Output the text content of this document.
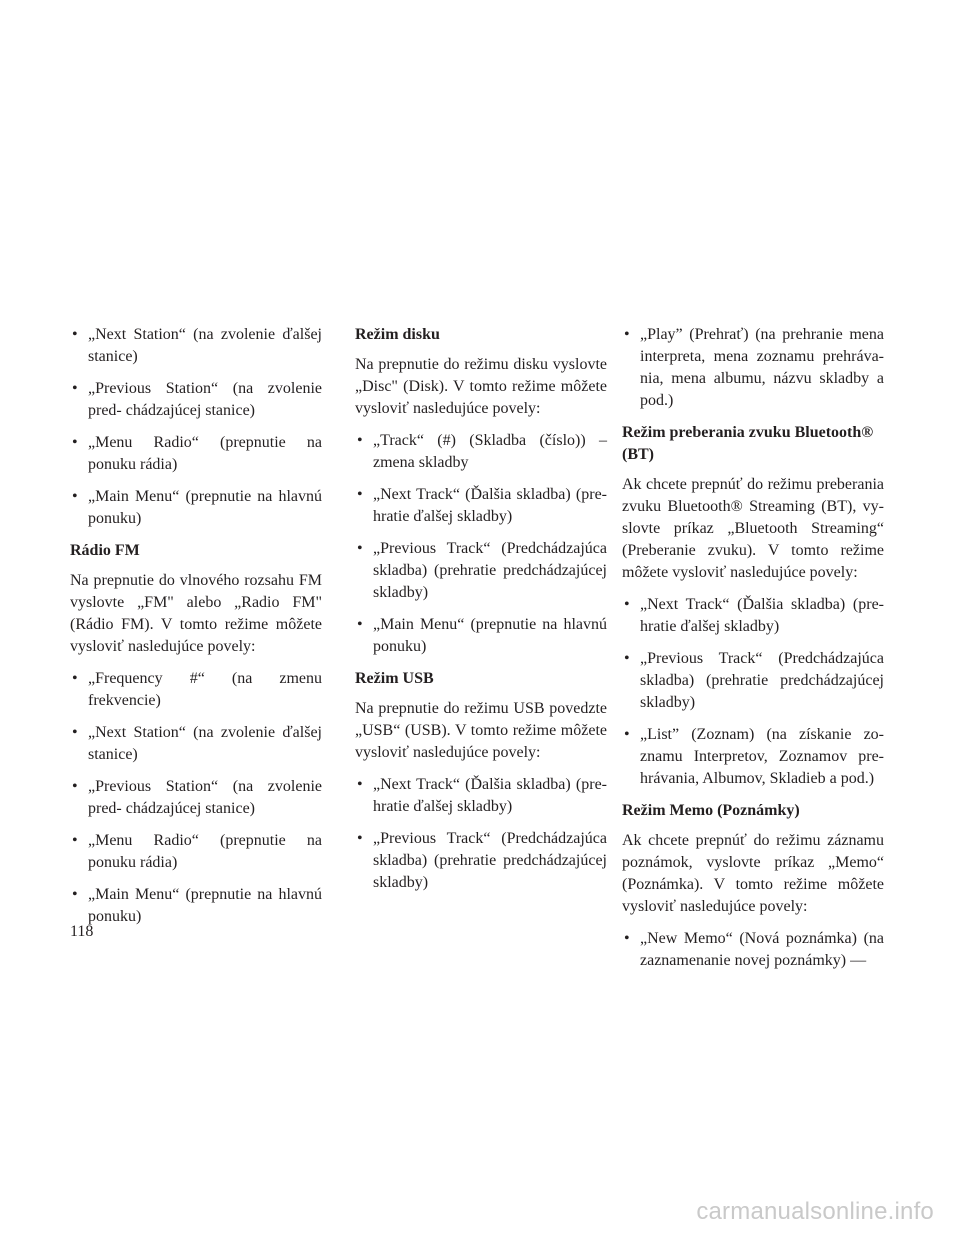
• „Next Station“ (na zvolenie ďalšej stanice)
• „Previous Station“ (na zvolenie pred- chádzajúcej stanice)
• „Menu Radio“ (prepnutie na ponuku rádia)
• „Main Menu“ (prepnutie na hlavnú ponuku)
Rádio FM
Na prepnutie do vlnového rozsahu FM vyslovte „FM" alebo „Radio FM" (Rádio FM). V tomto režime môžete vysloviť nasledujúce povely:
• „Frequency #“ (na zmenu frekvencie)
• „Next Station“ (na zvolenie ďalšej stanice)
• „Previous Station“ (na zvolenie pred- chádzajúcej stanice)
• „Menu Radio“ (prepnutie na ponuku rádia)
• „Main Menu“ (prepnutie na hlavnú ponuku)
Režim disku
Na prepnutie do režimu disku vyslovte „Disc" (Disk). V tomto režime môžete vysloviť nasledujúce povely:
• „Track“ (#) (Skladba (číslo)) – zmena skladby
• „Next Track“ (Ďalšia skladba) (pre- hratie ďalšej skladby)
• „Previous Track“ (Predchádzajúca skladba) (prehratie predchádzajúcej skladby)
• „Main Menu“ (prepnutie na hlavnú ponuku)
Režim USB
Na prepnutie do režimu USB povedzte „USB“ (USB). V tomto režime môžete vysloviť nasledujúce povely:
• „Next Track“ (Ďalšia skladba) (pre- hratie ďalšej skladby)
• „Previous Track“ (Predchádzajúca skladba) (prehratie predchádzajúcej skladby)
• „Play” (Prehrať) (na prehranie mena interpreta, mena zoznamu prehráva- nia, mena albumu, názvu skladby a pod.)
Režim preberania zvuku Bluetooth® (BT)
Ak chcete prepnúť do režimu preberania zvuku Bluetooth® Streaming (BT), vy- slovte príkaz „Bluetooth Streaming“ (Preberanie zvuku). V tomto režime môžete vysloviť nasledujúce povely:
• „Next Track“ (Ďalšia skladba) (pre- hratie ďalšej skladby)
• „Previous Track“ (Predchádzajúca skladba) (prehratie predchádzajúcej skladby)
• „List” (Zoznam) (na získanie zo- znamu Interpretov, Zoznamov pre- hrávania, Albumov, Skladieb a pod.)
Režim Memo (Poznámky)
Ak chcete prepnúť do režimu záznamu poznámok, vyslovte príkaz „Memo“ (Poznámka). V tomto režime môžete vysloviť nasledujúce povely:
• „New Memo“ (Nová poznámka) (na zaznamenanie novej poznámky) —
118
carmanualsonline.info
